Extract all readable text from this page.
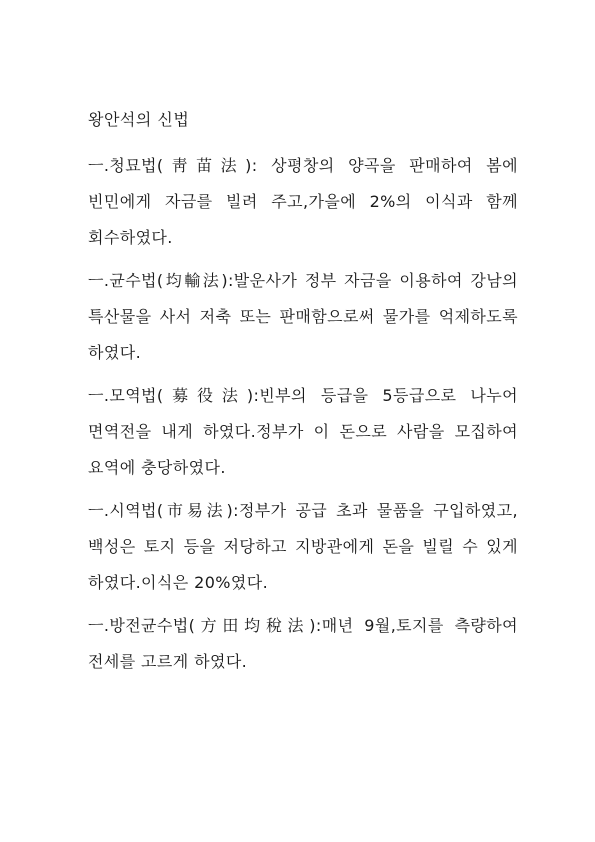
왕안석의 신법

ㅡ.청묘법(靑苗法): 상평창의 양곡을 판매하여 봄에 빈민에게 자금를 빌려 주고,가을에 2%의 이식과 함께 회수하였다.

ㅡ.균수법(均輸法):발운사가 정부 자금을 이용하여 강남의 특산물을 사서 저축 또는 판매함으로써 물가를 억제하도록 하였다.

ㅡ.모역법(募役法):빈부의 등급을 5등급으로 나누어 면역전을 내게 하였다.정부가 이 돈으로 사람을 모집하여 요역에 충당하였다.

ㅡ.시역법(市易法):정부가 공급 초과 물품을 구입하였고,백성은 토지 등을 저당하고 지방관에게 돈을 빌릴 수 있게 하였다.이식은 20%였다.

ㅡ.방전균수법(方田均稅法):매년 9월,토지를 측량하여 전세를 고르게 하였다.
